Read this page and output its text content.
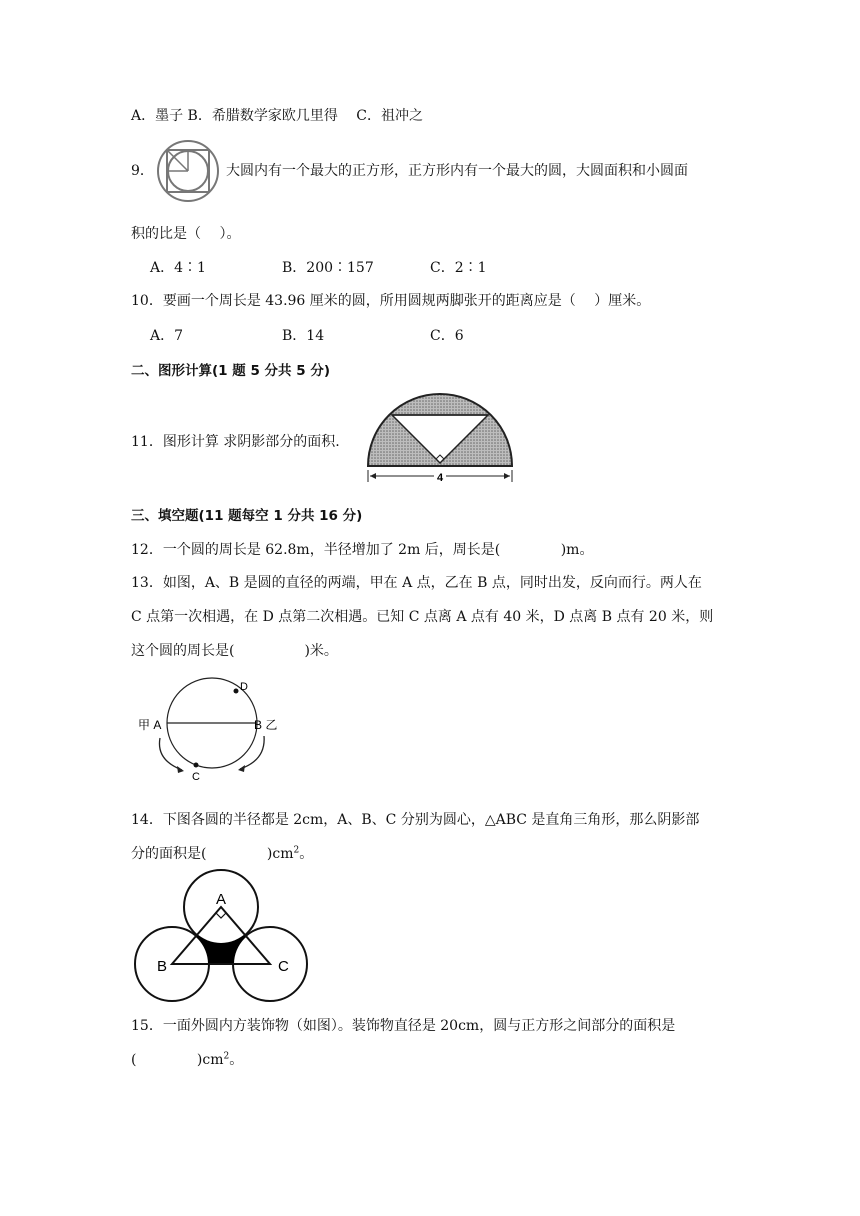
A．墨子 B．希腊数学家欧几里得　 C．祖冲之
9．	大圆内有一个最大的正方形，正方形内有一个最大的圆，大圆面积和小圆面
积的比是（　 ）。
A．4∶1	B．200∶157	C．2∶1
10．要画一个周长是 43.96 厘米的圆，所用圆规两脚张开的距离应是（　 ）厘米。
A．7	B．14	C．6
二、图形计算(1 题 5 分共 5 分)
11．图形计算 求阴影部分的面积.
4
三、填空题(11 题每空 1 分共 16 分)
12．一个圆的周长是 62.8m，半径增加了 2m 后，周长是(　　　　 )m。
13．如图，A、B 是圆的直径的两端，甲在 A 点，乙在 B 点，同时出发，反向而行。两人在
C 点第一次相遇，在 D 点第二次相遇。已知 C 点离 A 点有 40 米，D 点离 B 点有 20 米，则
这个圆的周长是(　　　　　)米。
D
C
甲 A	B 乙
14．下图各圆的半径都是 2cm，A、B、C 分别为圆心，△ABC 是直角三角形，那么阴影部
分的面积是(　　　　 )$cm^2$。
A
B	C
15．一面外圆内方装饰物（如图）。装饰物直径是 20cm，圆与正方形之间部分的面积是
(　　　　 )$cm^2$。
